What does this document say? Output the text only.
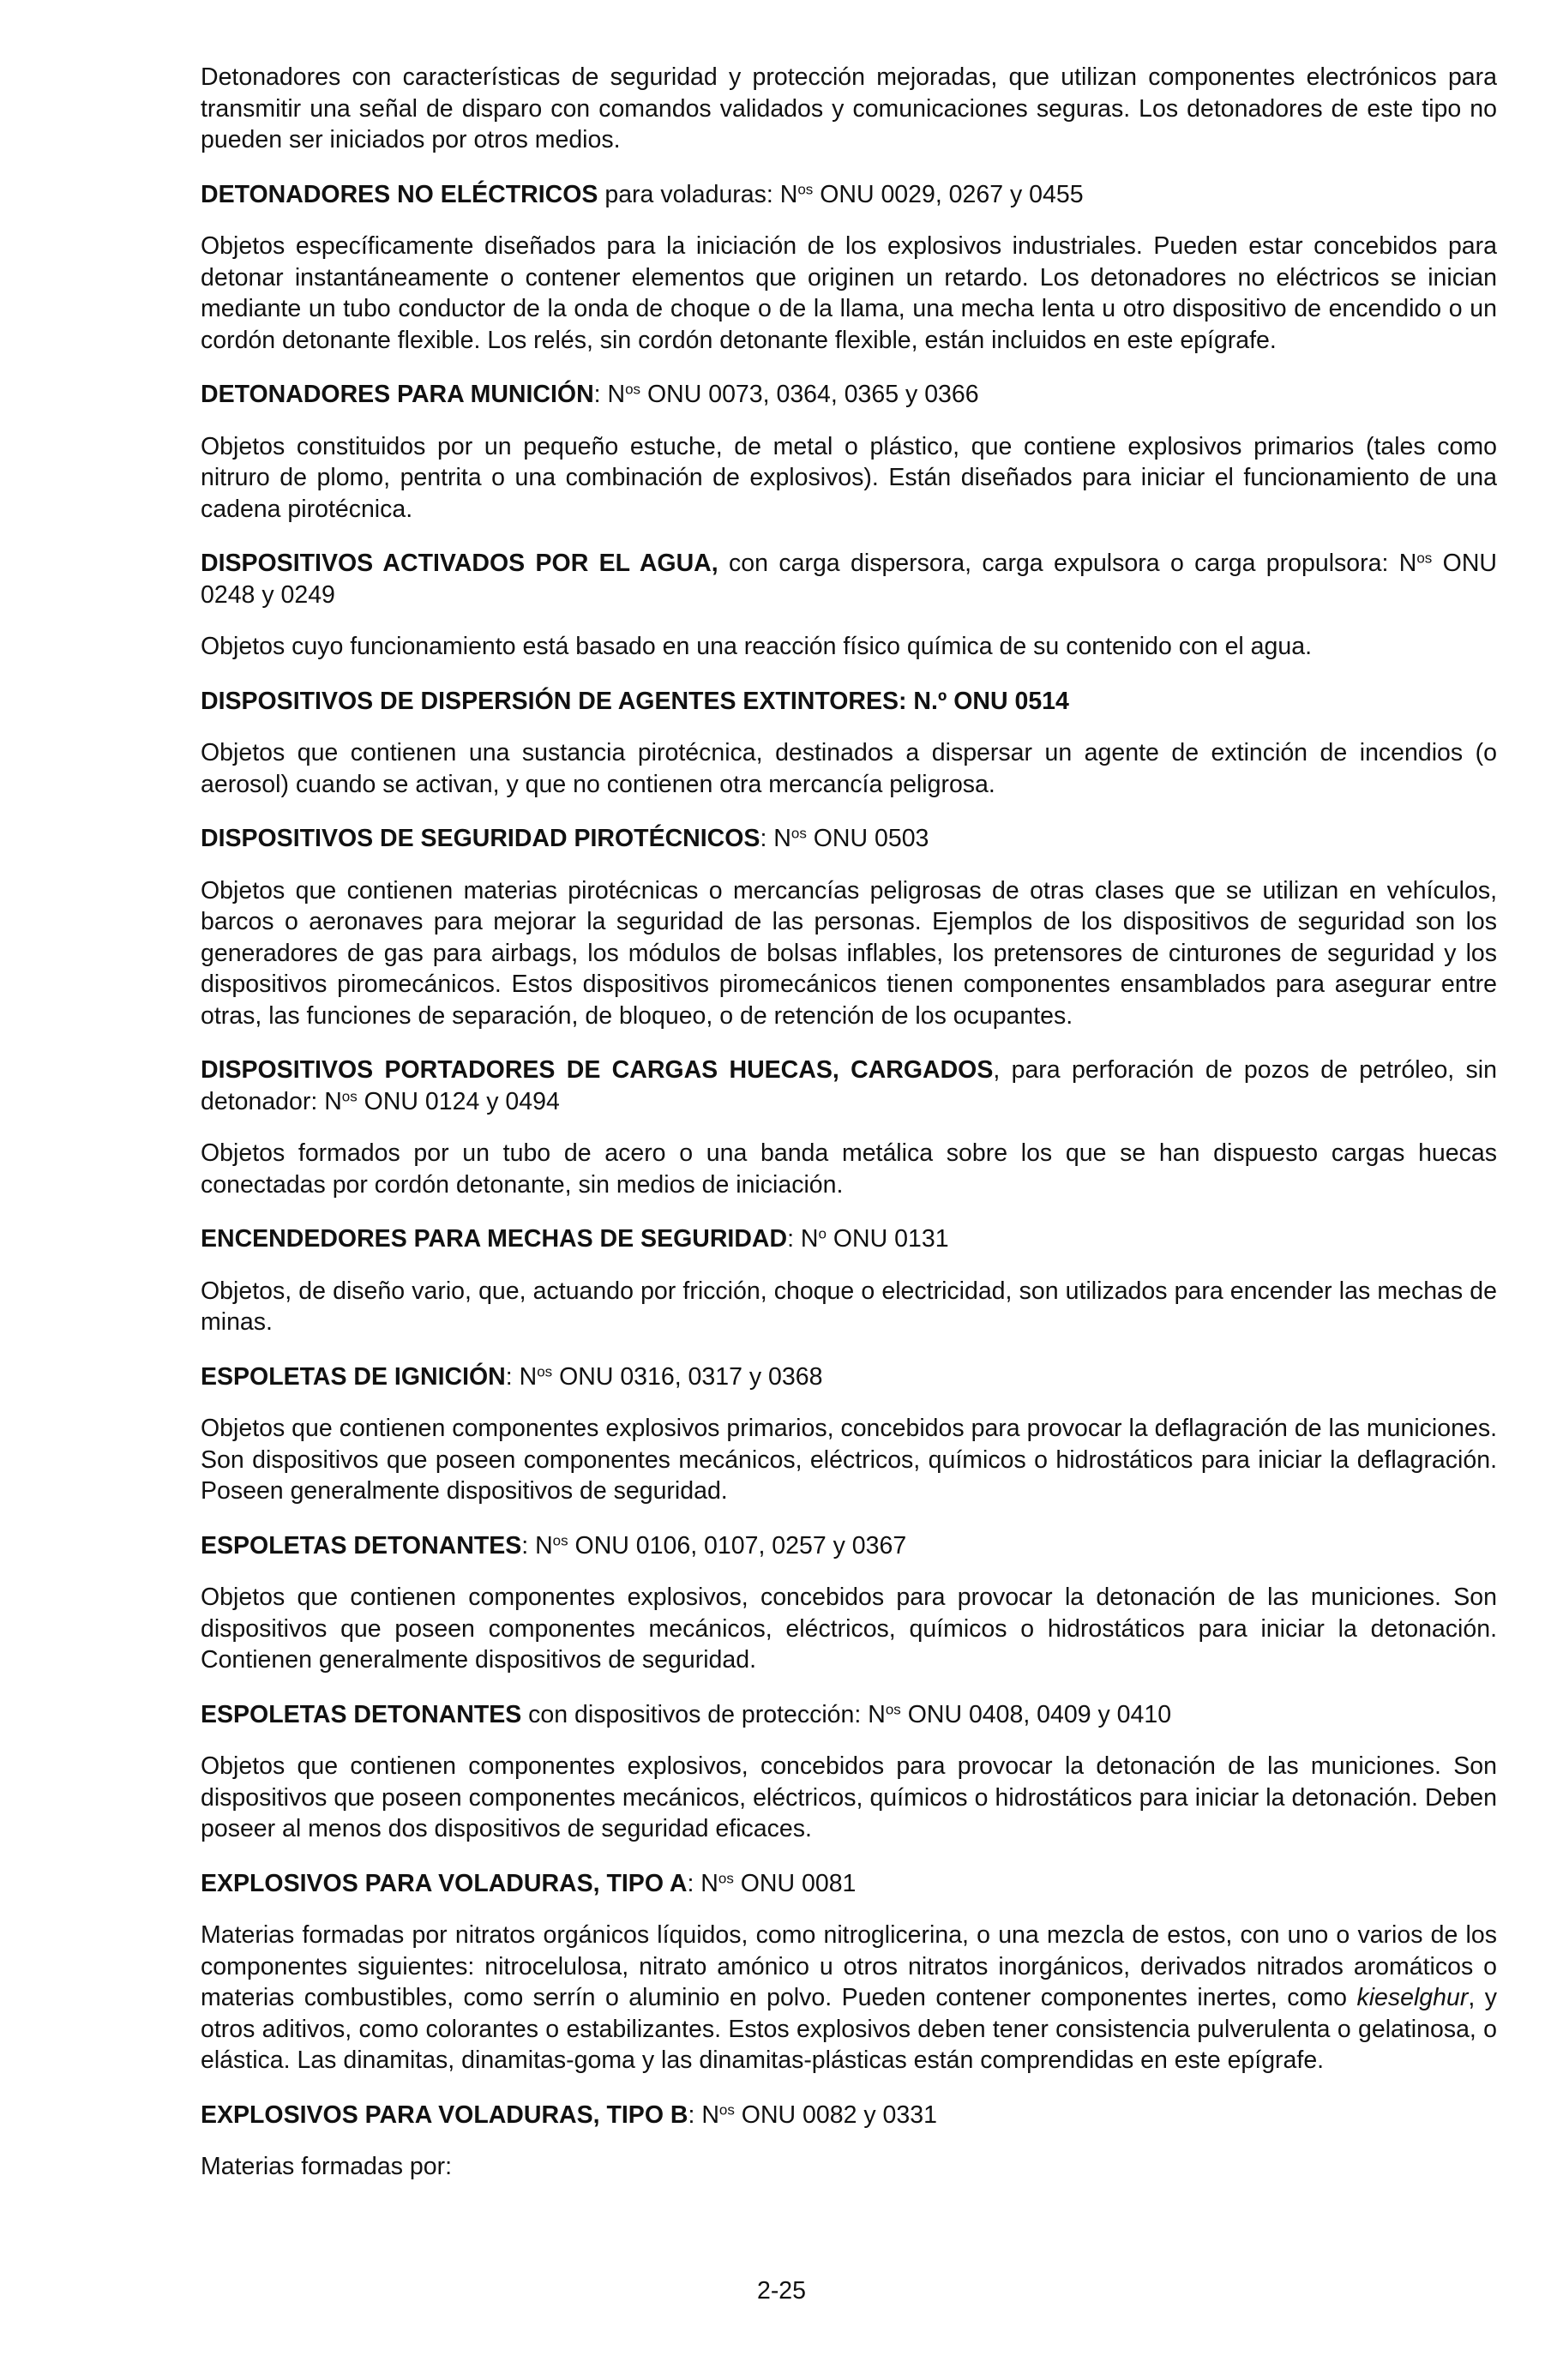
Detonadores con características de seguridad y protección mejoradas, que utilizan componentes electrónicos para transmitir una señal de disparo con comandos validados y comunicaciones seguras. Los detonadores de este tipo no pueden ser iniciados por otros medios.

DETONADORES NO ELÉCTRICOS para voladuras: $N^{os}$ ONU 0029, 0267 y 0455

Objetos específicamente diseñados para la iniciación de los explosivos industriales. Pueden estar concebidos para detonar instantáneamente o contener elementos que originen un retardo. Los detonadores no eléctricos se inician mediante un tubo conductor de la onda de choque o de la llama, una mecha lenta u otro dispositivo de encendido o un cordón detonante flexible. Los relés, sin cordón detonante flexible, están incluidos en este epígrafe.

DETONADORES PARA MUNICIÓN: $N^{os}$ ONU 0073, 0364, 0365 y 0366

Objetos constituidos por un pequeño estuche, de metal o plástico, que contiene explosivos primarios (tales como nitruro de plomo, pentrita o una combinación de explosivos). Están diseñados para iniciar el funcionamiento de una cadena pirotécnica.

DISPOSITIVOS ACTIVADOS POR EL AGUA, con carga dispersora, carga expulsora o carga propulsora: $N^{os}$ ONU 0248 y 0249

Objetos cuyo funcionamiento está basado en una reacción físico química de su contenido con el agua.

DISPOSITIVOS DE DISPERSIÓN DE AGENTES EXTINTORES: N.º ONU 0514

Objetos que contienen una sustancia pirotécnica, destinados a dispersar un agente de extinción de incendios (o aerosol) cuando se activan, y que no contienen otra mercancía peligrosa.

DISPOSITIVOS DE SEGURIDAD PIROTÉCNICOS: $N^{os}$ ONU 0503

Objetos que contienen materias pirotécnicas o mercancías peligrosas de otras clases que se utilizan en vehículos, barcos o aeronaves para mejorar la seguridad de las personas. Ejemplos de los dispositivos de seguridad son los generadores de gas para airbags, los módulos de bolsas inflables, los pretensores de cinturones de seguridad y los dispositivos piromecánicos. Estos dispositivos piromecánicos tienen componentes ensamblados para asegurar entre otras, las funciones de separación, de bloqueo, o de retención de los ocupantes.

DISPOSITIVOS PORTADORES DE CARGAS HUECAS, CARGADOS, para perforación de pozos de petróleo, sin detonador: $N^{os}$ ONU 0124 y 0494

Objetos formados por un tubo de acero o una banda metálica sobre los que se han dispuesto cargas huecas conectadas por cordón detonante, sin medios de iniciación.

ENCENDEDORES PARA MECHAS DE SEGURIDAD: $N^o$ ONU 0131

Objetos, de diseño vario, que, actuando por fricción, choque o electricidad, son utilizados para encender las mechas de minas.

ESPOLETAS DE IGNICIÓN: $N^{os}$ ONU 0316, 0317 y 0368

Objetos que contienen componentes explosivos primarios, concebidos para provocar la deflagración de las municiones. Son dispositivos que poseen componentes mecánicos, eléctricos, químicos o hidrostáticos para iniciar la deflagración. Poseen generalmente dispositivos de seguridad.

ESPOLETAS DETONANTES: $N^{os}$ ONU 0106, 0107, 0257 y 0367

Objetos que contienen componentes explosivos, concebidos para provocar la detonación de las municiones. Son dispositivos que poseen componentes mecánicos, eléctricos, químicos o hidrostáticos para iniciar la detonación. Contienen generalmente dispositivos de seguridad.

ESPOLETAS DETONANTES con dispositivos de protección: $N^{os}$ ONU 0408, 0409 y 0410

Objetos que contienen componentes explosivos, concebidos para provocar la detonación de las municiones. Son dispositivos que poseen componentes mecánicos, eléctricos, químicos o hidrostáticos para iniciar la detonación. Deben poseer al menos dos dispositivos de seguridad eficaces.

EXPLOSIVOS PARA VOLADURAS, TIPO A: $N^{os}$ ONU 0081

Materias formadas por nitratos orgánicos líquidos, como nitroglicerina, o una mezcla de estos, con uno o varios de los componentes siguientes: nitrocelulosa, nitrato amónico u otros nitratos inorgánicos, derivados nitrados aromáticos o materias combustibles, como serrín o aluminio en polvo. Pueden contener componentes inertes, como kieselghur, y otros aditivos, como colorantes o estabilizantes. Estos explosivos deben tener consistencia pulverulenta o gelatinosa, o elástica. Las dinamitas, dinamitas-goma y las dinamitas-plásticas están comprendidas en este epígrafe.

EXPLOSIVOS PARA VOLADURAS, TIPO B: $N^{os}$ ONU 0082 y 0331

Materias formadas por:

2-25
